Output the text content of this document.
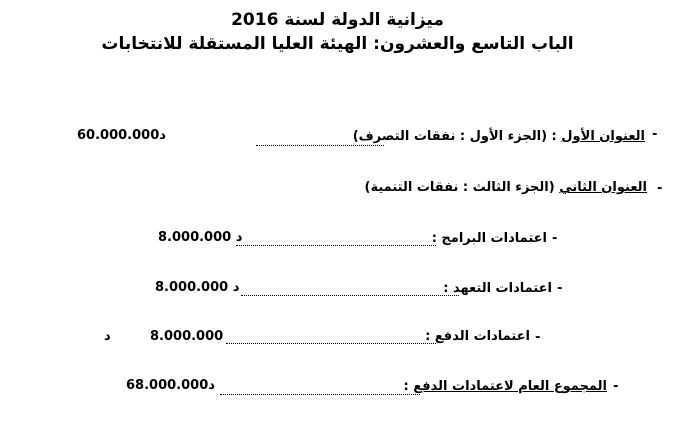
ميزانية الدولة لسنة 2016
الباب التاسع والعشرون: الهيئة العليا المستقلة للانتخابات
-
العنوان الأول : (الجزء الأول : نفقات التصرف)
60.000.000د
-
العنوان الثاني (الجزء الثالث : نفقات التنمية)
-
اعتمادات البرامج :
8.000.000 د
-
اعتمادات التعهد :
د 8.000.000
-
اعتمادات الدفع :
8.000.000
د
-
المجموع العام لاعتمادات الدفع :
د68.000.000
